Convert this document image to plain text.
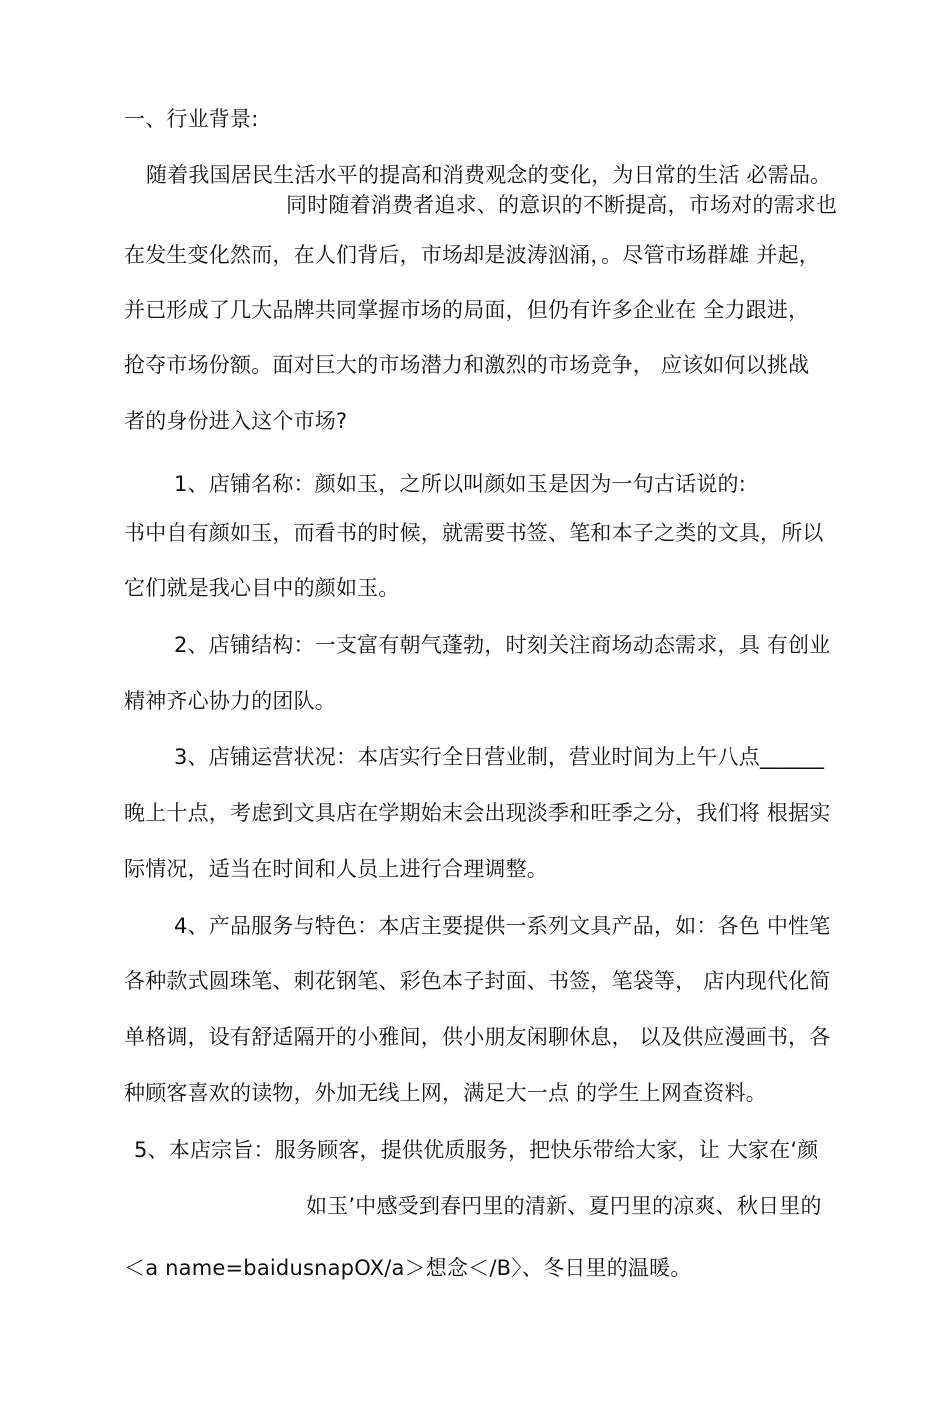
一、行业背景:

随着我国居民生活水平的提高和消费观念的变化，为日常的生活 必需品。

同时随着消费者追求、的意识的不断提高，市场对的需求也

在发生变化然而，在人们背后，市场却是波涛汹涌，。尽管市场群雄 并起，

并已形成了几大品牌共同掌握市场的局面，但仍有许多企业在 全力跟进，

抢夺市场份额。面对巨大的市场潜力和激烈的市场竞争， 应该如何以挑战

者的身份进入这个市场?

1、店铺名称：颜如玉，之所以叫颜如玉是因为一句古话说的:

书中自有颜如玉，而看书的时候，就需要书签、笔和本子之类的文具，所以

它们就是我心目中的颜如玉。

2、店铺结构：一支富有朝气蓬勃，时刻关注商场动态需求，具 有创业

精神齐心协力的团队。

3、店铺运营状况：本店实行全日营业制，营业时间为上午八点______

晚上十点，考虑到文具店在学期始末会出现淡季和旺季之分，我们将 根据实

际情况，适当在时间和人员上进行合理调整。

4、产品服务与特色：本店主要提供一系列文具产品，如：各色 中性笔

各种款式圆珠笔、刺花钢笔、彩色本子封面、书签，笔袋等， 店内现代化简

单格调，设有舒适隔开的小雅间，供小朋友闲聊休息， 以及供应漫画书，各

种顾客喜欢的读物，外加无线上网，满足大一点 的学生上网查资料。

5、本店宗旨：服务顾客，提供优质服务，把快乐带给大家，让 大家在‘颜

如玉’中感受到春円里的清新、夏円里的凉爽、秋日里的

＜a name=baidusnapOX/a＞想念＜/B〉、冬日里的温暖。
